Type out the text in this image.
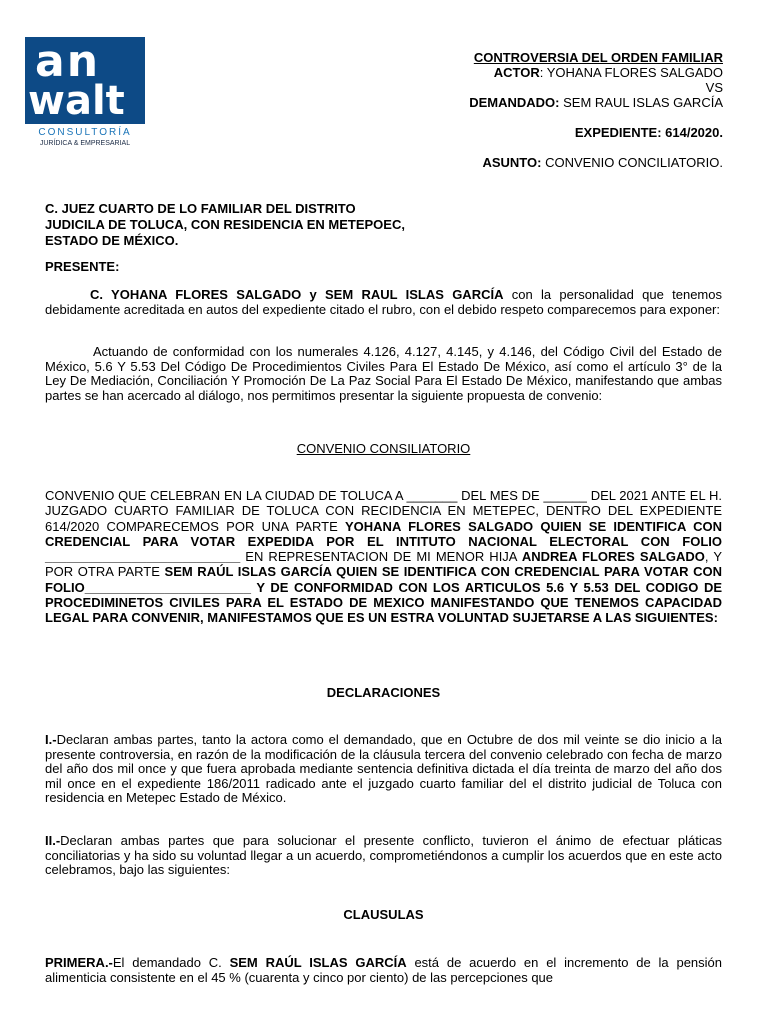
an
walt
CONSULTORÍA
JURÍDICA & EMPRESARIAL
CONTROVERSIA DEL ORDEN FAMILIAR
ACTOR: YOHANA FLORES SALGADO
VS
DEMANDADO: SEM RAUL ISLAS GARCÍA
EXPEDIENTE: 614/2020.
ASUNTO: CONVENIO CONCILIATORIO.
C. JUEZ CUARTO DE LO FAMILIAR DEL DISTRITO
JUDICILA DE TOLUCA, CON RESIDENCIA EN METEPOEC,
ESTADO DE MÉXICO.
PRESENTE:
C. YOHANA FLORES SALGADO y SEM RAUL ISLAS GARCÍA con la personalidad que tenemos debidamente acreditada en autos del expediente citado el rubro, con el debido respeto comparecemos para exponer:
Actuando de conformidad con los numerales 4.126, 4.127, 4.145, y 4.146, del Código Civil del Estado de México, 5.6 Y 5.53 Del Código De Procedimientos Civiles Para El Estado De México, así como el artículo 3° de la Ley De Mediación, Conciliación Y Promoción De La Paz Social Para El Estado De México, manifestando que ambas partes se han acercado al diálogo, nos permitimos presentar la siguiente propuesta de convenio:
CONVENIO CONSILIATORIO
CONVENIO QUE CELEBRAN EN LA CIUDAD DE TOLUCA A _______ DEL MES DE ______ DEL 2021 ANTE EL H. JUZGADO CUARTO FAMILIAR DE TOLUCA CON RECIDENCIA EN METEPEC, DENTRO DEL EXPEDIENTE 614/2020 COMPARECEMOS POR UNA PARTE YOHANA FLORES SALGADO QUIEN SE IDENTIFICA CON CREDENCIAL PARA VOTAR EXPEDIDA POR EL INTITUTO NACIONAL ELECTORAL CON FOLIO ___________________________ EN REPRESENTACION DE MI MENOR HIJA ANDREA FLORES SALGADO, Y POR OTRA PARTE SEM RAÚL ISLAS GARCÍA QUIEN SE IDENTIFICA CON CREDENCIAL PARA VOTAR CON FOLIO_______________________ Y DE CONFORMIDAD CON LOS ARTICULOS 5.6 Y 5.53 DEL CODIGO DE PROCEDIMINETOS CIVILES PARA EL ESTADO DE MEXICO MANIFESTANDO QUE TENEMOS CAPACIDAD LEGAL PARA CONVENIR, MANIFESTAMOS QUE ES UN ESTRA VOLUNTAD SUJETARSE A LAS SIGUIENTES:
DECLARACIONES
I.-Declaran ambas partes, tanto la actora como el demandado, que en Octubre de dos mil veinte se dio inicio a la presente controversia, en razón de la modificación de la cláusula tercera del convenio celebrado con fecha de marzo del año dos mil once y que fuera aprobada mediante sentencia definitiva dictada el día treinta de marzo del año dos mil once en el expediente 186/2011 radicado ante el juzgado cuarto familiar del el distrito judicial de Toluca con residencia en Metepec Estado de México.
II.-Declaran ambas partes que para solucionar el presente conflicto, tuvieron el ánimo de efectuar pláticas conciliatorias y ha sido su voluntad llegar a un acuerdo, comprometiéndonos a cumplir los acuerdos que en este acto celebramos, bajo las siguientes:
CLAUSULAS
PRIMERA.-El demandado C. SEM RAÚL ISLAS GARCÍA está de acuerdo en el incremento de la pensión alimenticia consistente en el 45 % (cuarenta y cinco por ciento) de las percepciones que
